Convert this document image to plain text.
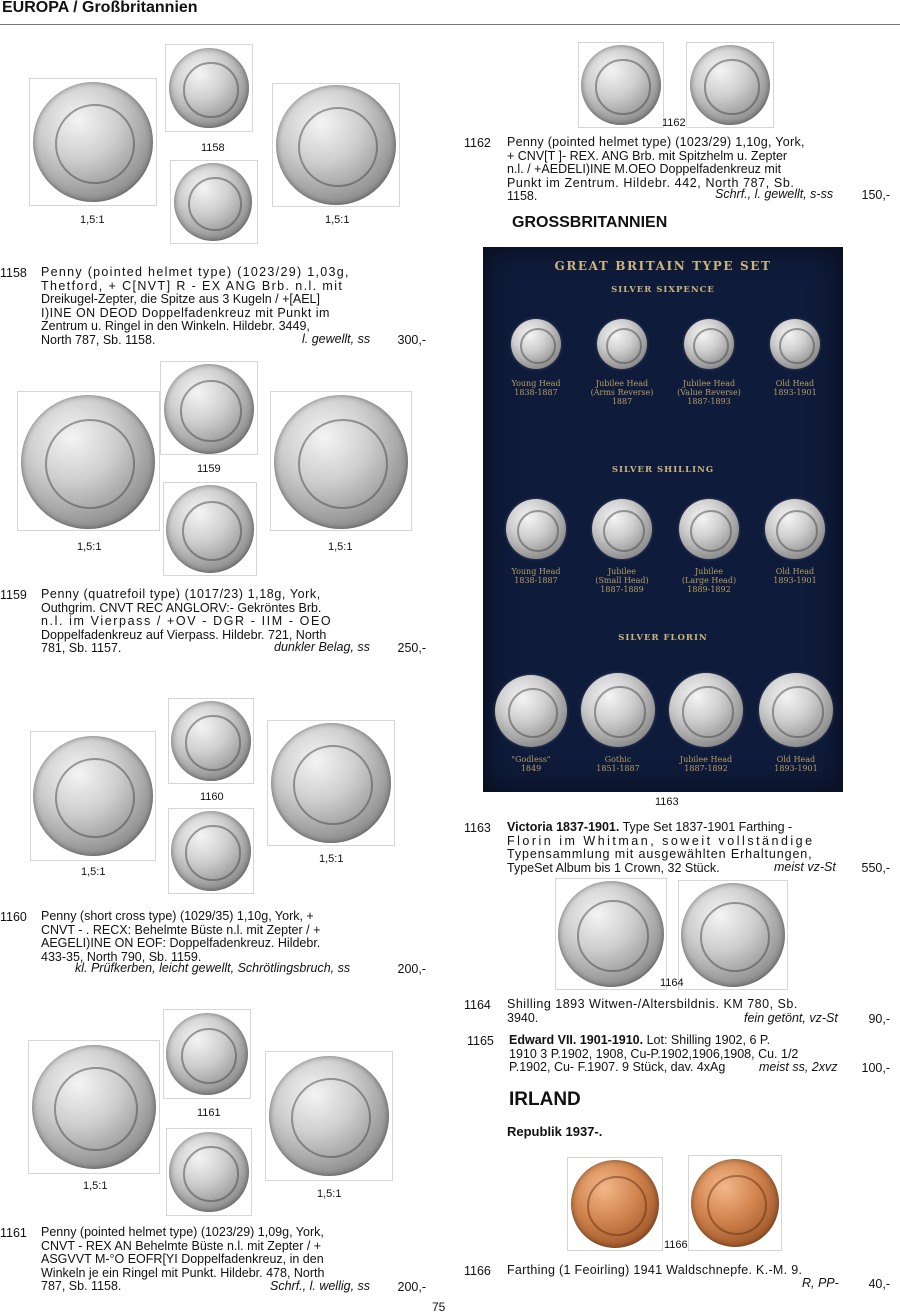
EUROPA / Großbritannien
1158
1,5:1	1,5:1
1158 Penny (pointed helmet type) (1023/29) 1,03g,
Thetford, + C[NVT] R - EX ANG Brb. n.l. mit
Dreikugel-Zepter, die Spitze aus 3 Kugeln / +[AEL]
I)INE ON DEOD Doppelfadenkreuz mit Punkt im
Zentrum u. Ringel in den Winkeln. Hildebr. 3449,
North 787, Sb. 1158.	l. gewellt, ss	300,-
1159
1,5:1	1,5:1
1159 Penny (quatrefoil type) (1017/23) 1,18g, York,
Outhgrim. CNVT REC ANGLORV:- Gekröntes Brb.
n.l. im Vierpass / +OV - DGR - IIM - OEO
Doppelfadenkreuz auf Vierpass. Hildebr. 721, North
781, Sb. 1157.	dunkler Belag, ss	250,-
1160
1,5:1
1,5:1
1160 Penny (short cross type) (1029/35) 1,10g, York, +
CNVT - . RECX: Behelmte Büste n.l. mit Zepter / +
AEGELI)INE ON EOF: Doppelfadenkreuz. Hildebr.
433-35, North 790, Sb. 1159.
kl. Prüfkerben, leicht gewellt, Schrötlingsbruch, ss	200,-
1161
1,5:1
1,5:1
1161 Penny (pointed helmet type) (1023/29) 1,09g, York,
CNVT - REX AN Behelmte Büste n.l. mit Zepter / +
ASGVVT M-°O EOFR[YI Doppelfadenkreuz, in den
Winkeln je ein Ringel mit Punkt. Hildebr. 478, North
787, Sb. 1158.	Schrf., l. wellig, ss	200,-
75
1162
1162 Penny (pointed helmet type) (1023/29) 1,10g, York,
+ CNV[T ]- REX. ANG Brb. mit Spitzhelm u. Zepter
n.l. / +AEDELI)INE M.OEO Doppelfadenkreuz mit
Punkt im Zentrum. Hildebr. 442, North 787, Sb.
1158.	Schrf., l. gewellt, s-ss	150,-
GROSSBRITANNIEN
GREAT BRITAIN TYPE SET
SILVER SIXPENCE
Young Head
1838-1887
Jubilee Head
(Arms Reverse)
1887
Jubilee Head
(Value Reverse)
1887-1893
Old Head
1893-1901
SILVER SHILLING
Young Head
1838-1887
Jubilee
(Small Head)
1887-1889
Jubilee
(Large Head)
1889-1892
Old Head
1893-1901
SILVER FLORIN
"Godless"
1849
Gothic
1851-1887
Jubilee Head
1887-1892
Old Head
1893-1901
1163
1163 Victoria 1837-1901. Type Set 1837-1901 Farthing -
Florin im Whitman, soweit vollständige
Typensammlung mit ausgewählten Erhaltungen,
TypeSet Album bis 1 Crown, 32 Stück.	meist vz-St	550,-
1164
1164 Shilling 1893 Witwen-/Altersbildnis. KM 780, Sb.
3940.	fein getönt, vz-St	90,-
1165 Edward VII. 1901-1910. Lot: Shilling 1902, 6 P.
1910 3 P.1902, 1908, Cu-P.1902,1906,1908, Cu. 1/2
P.1902, Cu- F.1907. 9 Stück, dav. 4xAg	meist ss, 2xvz	100,-
IRLAND
Republik 1937-.
1166
1166 Farthing (1 Feoirling) 1941 Waldschnepfe. K.-M. 9.
R, PP-	40,-
